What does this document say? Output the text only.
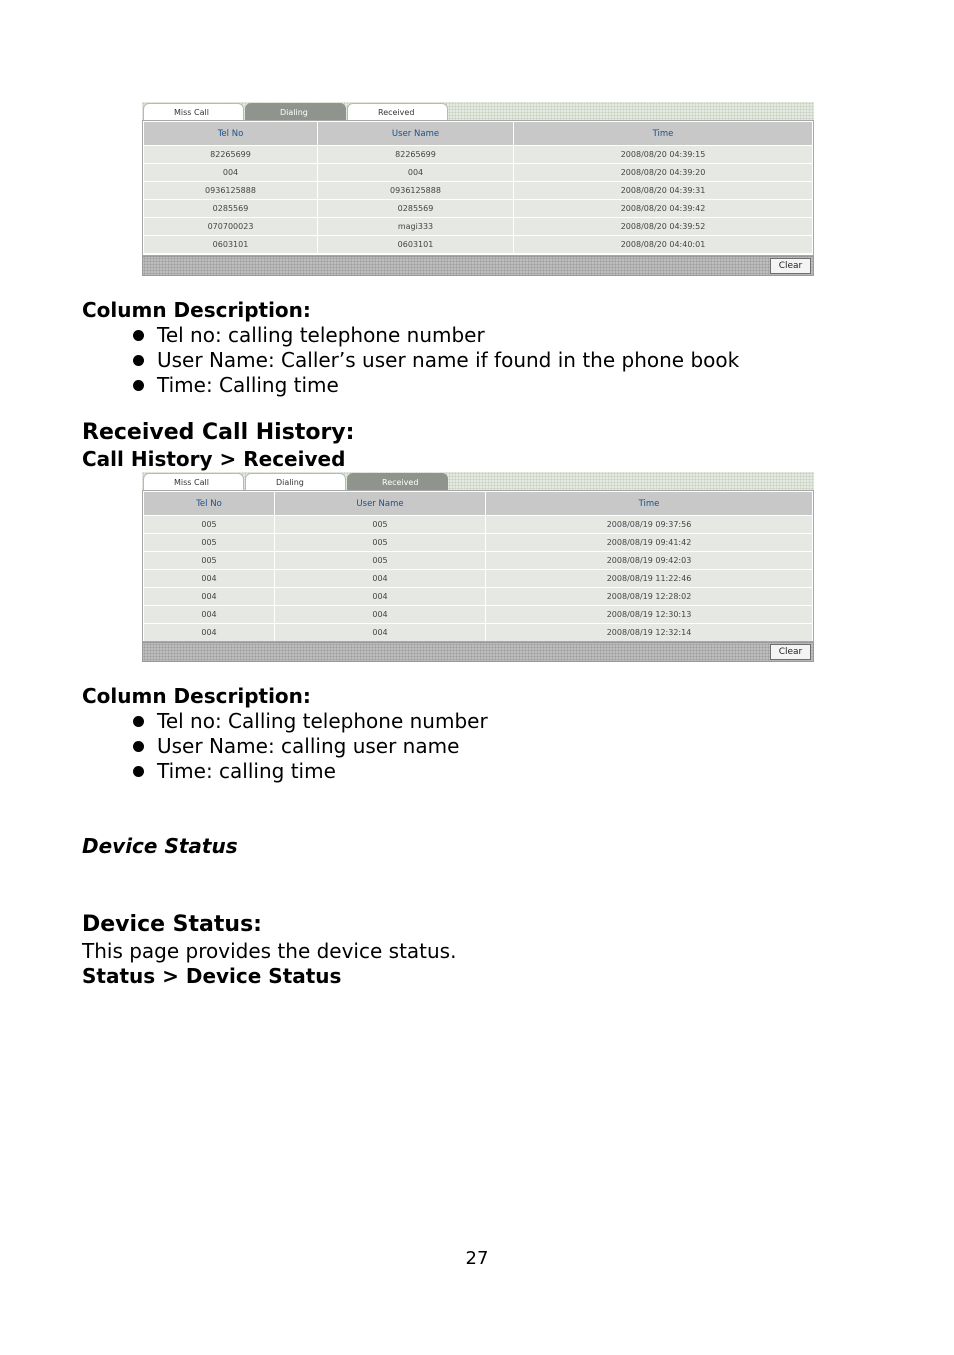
Miss Call	Dialing	Received
Tel No	User Name	Time
82265699	82265699	2008/08/20 04:39:15
004	004	2008/08/20 04:39:20
0936125888	0936125888	2008/08/20 04:39:31
0285569	0285569	2008/08/20 04:39:42
070700023	magi333	2008/08/20 04:39:52
0603101	0603101	2008/08/20 04:40:01
Clear
Column Description:
Tel no: calling telephone number
User Name: Caller’s user name if found in the phone book
Time: Calling time
Received Call History:
Call History > Received
Miss Call	Dialing	Received
Tel No	User Name	Time
005	005	2008/08/19 09:37:56
005	005	2008/08/19 09:41:42
005	005	2008/08/19 09:42:03
004	004	2008/08/19 11:22:46
004	004	2008/08/19 12:28:02
004	004	2008/08/19 12:30:13
004	004	2008/08/19 12:32:14
Clear
Column Description:
Tel no: Calling telephone number
User Name: calling user name
Time: calling time
Device Status
Device Status:
This page provides the device status.
Status > Device Status
27
